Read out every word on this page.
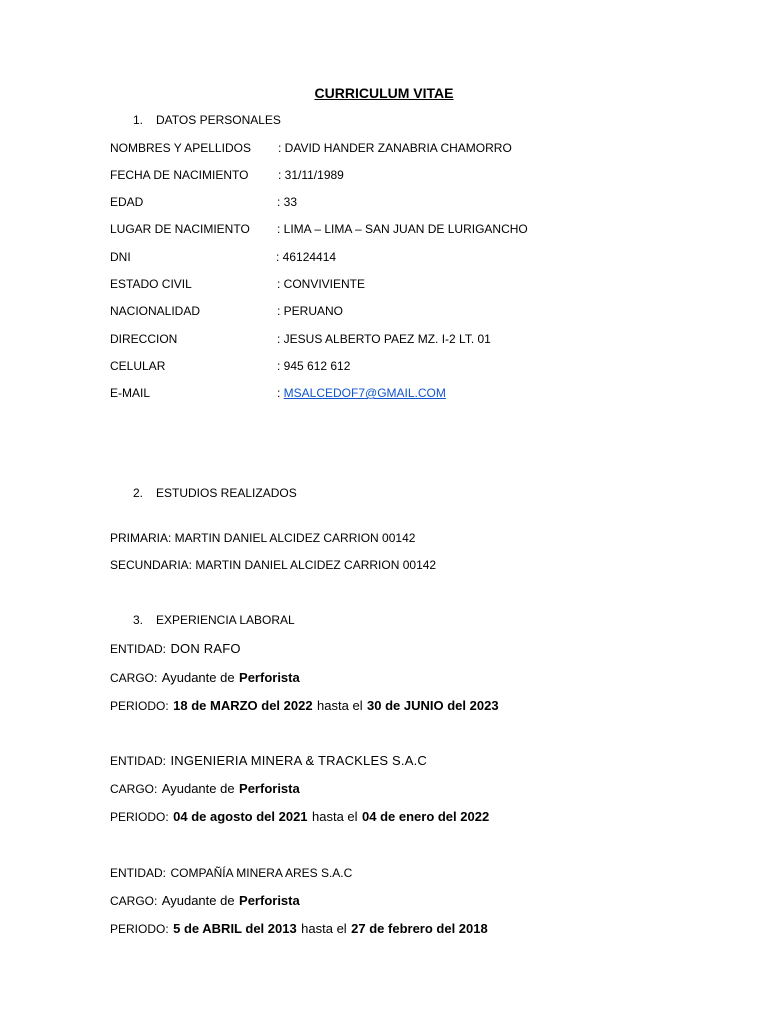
CURRICULUM VITAE
1. DATOS PERSONALES
NOMBRES Y APELLIDOS : DAVID HANDER ZANABRIA CHAMORRO
FECHA DE NACIMIENTO : 31/11/1989
EDAD	: 33
LUGAR DE NACIMIENTO : LIMA – LIMA – SAN JUAN DE LURIGANCHO
DNI	: 46124414
ESTADO CIVIL	: CONVIVIENTE
NACIONALIDAD	: PERUANO
DIRECCION	: JESUS ALBERTO PAEZ MZ. I-2 LT. 01
CELULAR	: 945 612 612
E-MAIL	: MSALCEDOF7@GMAIL.COM
2. ESTUDIOS REALIZADOS
PRIMARIA: MARTIN DANIEL ALCIDEZ CARRION 00142
SECUNDARIA: MARTIN DANIEL ALCIDEZ CARRION 00142
3. EXPERIENCIA LABORAL
ENTIDAD: DON RAFO
CARGO: Ayudante de Perforista
PERIODO: 18 de MARZO del 2022 hasta el 30 de JUNIO del 2023
ENTIDAD: INGENIERIA MINERA & TRACKLES S.A.C
CARGO: Ayudante de Perforista
PERIODO: 04 de agosto del 2021 hasta el 04 de enero del 2022
ENTIDAD: COMPAÑÍA MINERA ARES S.A.C
CARGO: Ayudante de Perforista
PERIODO: 5 de ABRIL del 2013 hasta el 27 de febrero del 2018
